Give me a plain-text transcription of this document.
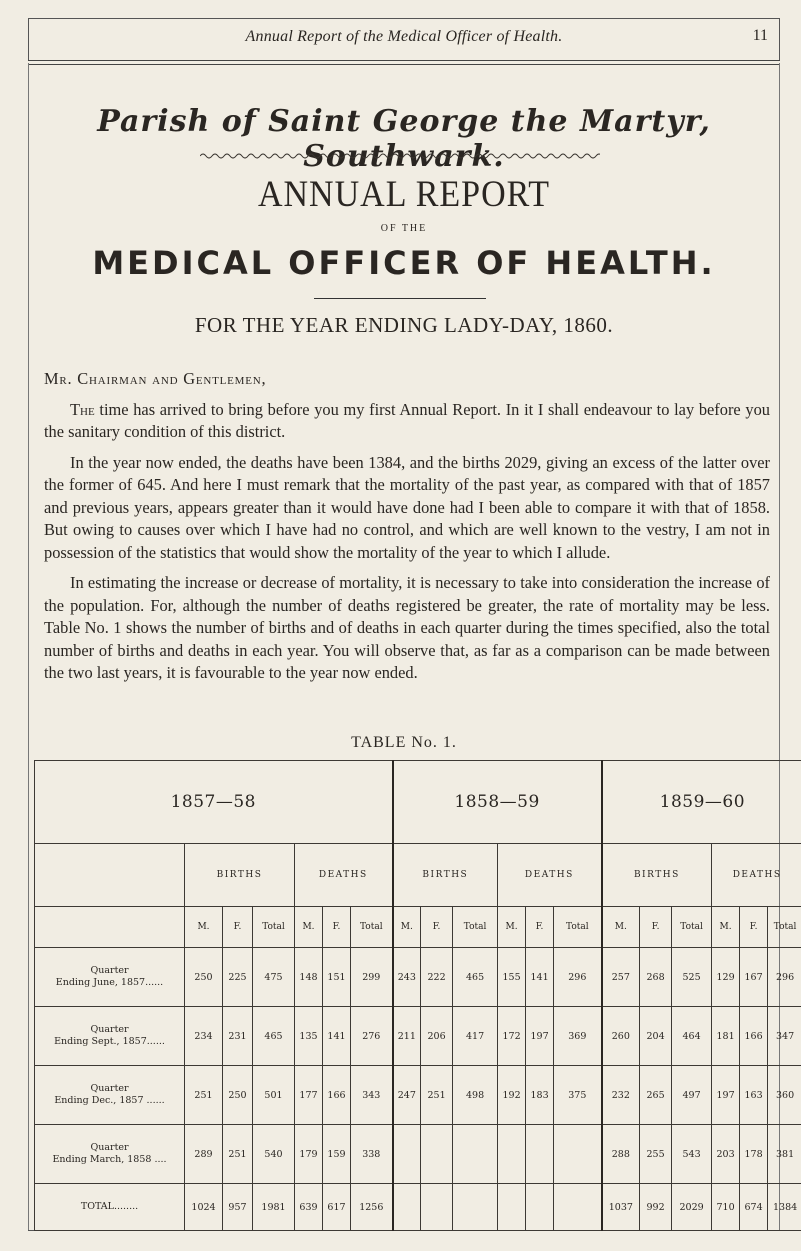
Annual Report of the Medical Officer of Health.	11
Parish of Saint George the Martyr, Southwark.
ANNUAL REPORT
OF THE
MEDICAL OFFICER OF HEALTH.
FOR THE YEAR ENDING LADY-DAY, 1860.

Mr. Chairman and Gentlemen,

The time has arrived to bring before you my first Annual Report. In it I shall endeavour to lay before you the sanitary condition of this district.

In the year now ended, the deaths have been 1384, and the births 2029, giving an excess of the latter over the former of 645. And here I must remark that the mortality of the past year, as compared with that of 1857 and previous years, appears greater than it would have done had I been able to compare it with that of 1858. But owing to causes over which I have had no control, and which are well known to the vestry, I am not in possession of the statistics that would show the mortality of the year to which I allude.

In estimating the increase or decrease of mortality, it is necessary to take into consideration the increase of the population. For, although the number of deaths registered be greater, the rate of mortality may be less. Table No. 1 shows the number of births and of deaths in each quarter during the times specified, also the total number of births and deaths in each year. You will observe that, as far as a comparison can be made between the two last years, it is favourable to the year now ended.

TABLE No. 1.
1857—58							1858—59						1859—60					
	BIRTHS			DEATHS			BIRTHS			DEATHS			BIRTHS			DEATHS		
	M.	F.	Total	M.	F.	Total	M.	F.	Total	M.	F.	Total	M.	F.	Total	M.	F.	Total

Quarter
Ending June, 1857......	250	225	475	148	151	299	243	222	465	155	141	296	257	268	525	129	167	296

Quarter
Ending Sept., 1857......	234	231	465	135	141	276	211	206	417	172	197	369	260	204	464	181	166	347

Quarter
Ending Dec., 1857 ......	251	250	501	177	166	343	247	251	498	192	183	375	232	265	497	197	163	360

Quarter
Ending March, 1858 ....	289	251	540	179	159	338							288	255	543	203	178	381
TOTAL........	1024	957	1981	639	617	1256							1037	992	2029	710	674	1384
